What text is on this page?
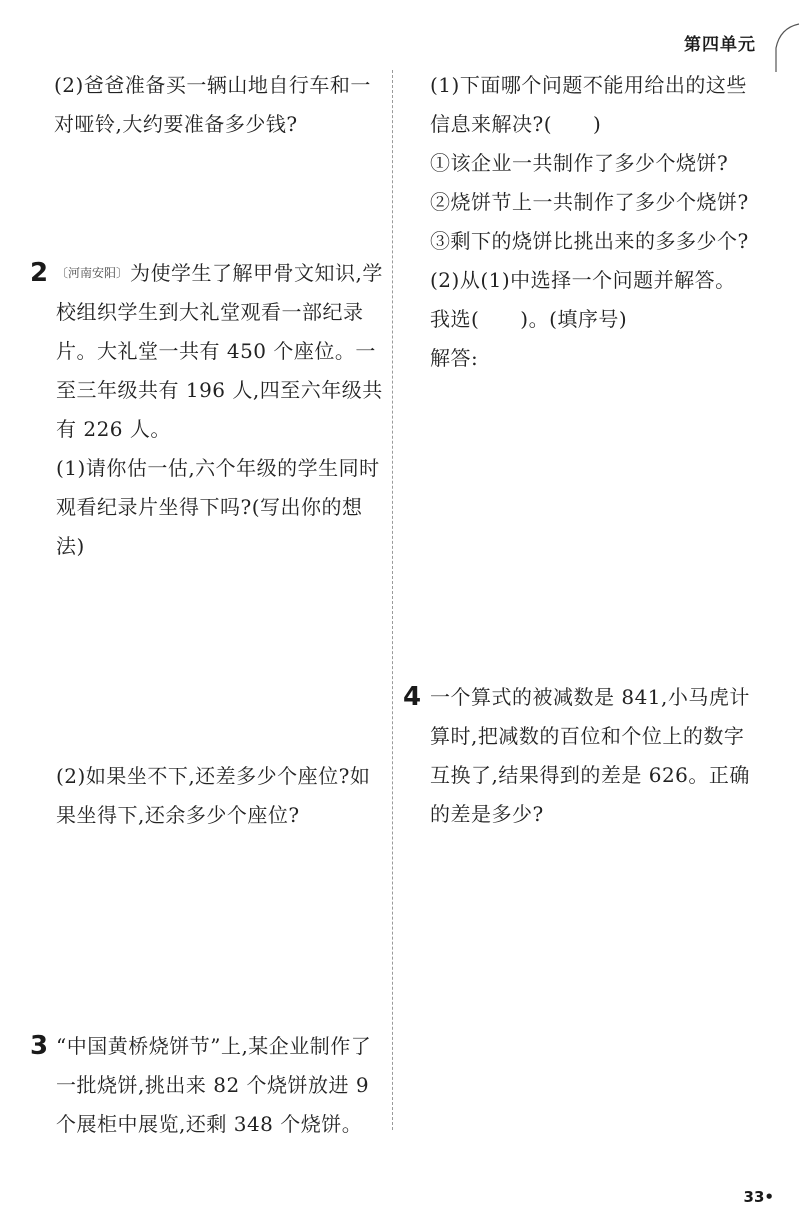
第四单元

(2)爸爸准备买一辆山地自行车和一对哑铃,大约要准备多少钱?

2 〔河南安阳〕 为使学生了解甲骨文知识,学校组织学生到大礼堂观看一部纪录片。大礼堂一共有 450 个座位。一至三年级共有 196 人,四至六年级共有 226 人。

(1)请你估一估,六个年级的学生同时观看纪录片坐得下吗?(写出你的想法)

(2)如果坐不下,还差多少个座位?如果坐得下,还余多少个座位?

3 “中国黄桥烧饼节”上,某企业制作了一批烧饼,挑出来 82 个烧饼放进 9 个展柜中展览,还剩 348 个烧饼。

(1)下面哪个问题不能用给出的这些信息来解决?(　　)

①该企业一共制作了多少个烧饼?

②烧饼节上一共制作了多少个烧饼?

③剩下的烧饼比挑出来的多多少个?

(2)从(1)中选择一个问题并解答。

我选(　　)。(填序号)

解答:

4 一个算式的被减数是 841,小马虎计算时,把减数的百位和个位上的数字互换了,结果得到的差是 626。正确的差是多少?

33•
